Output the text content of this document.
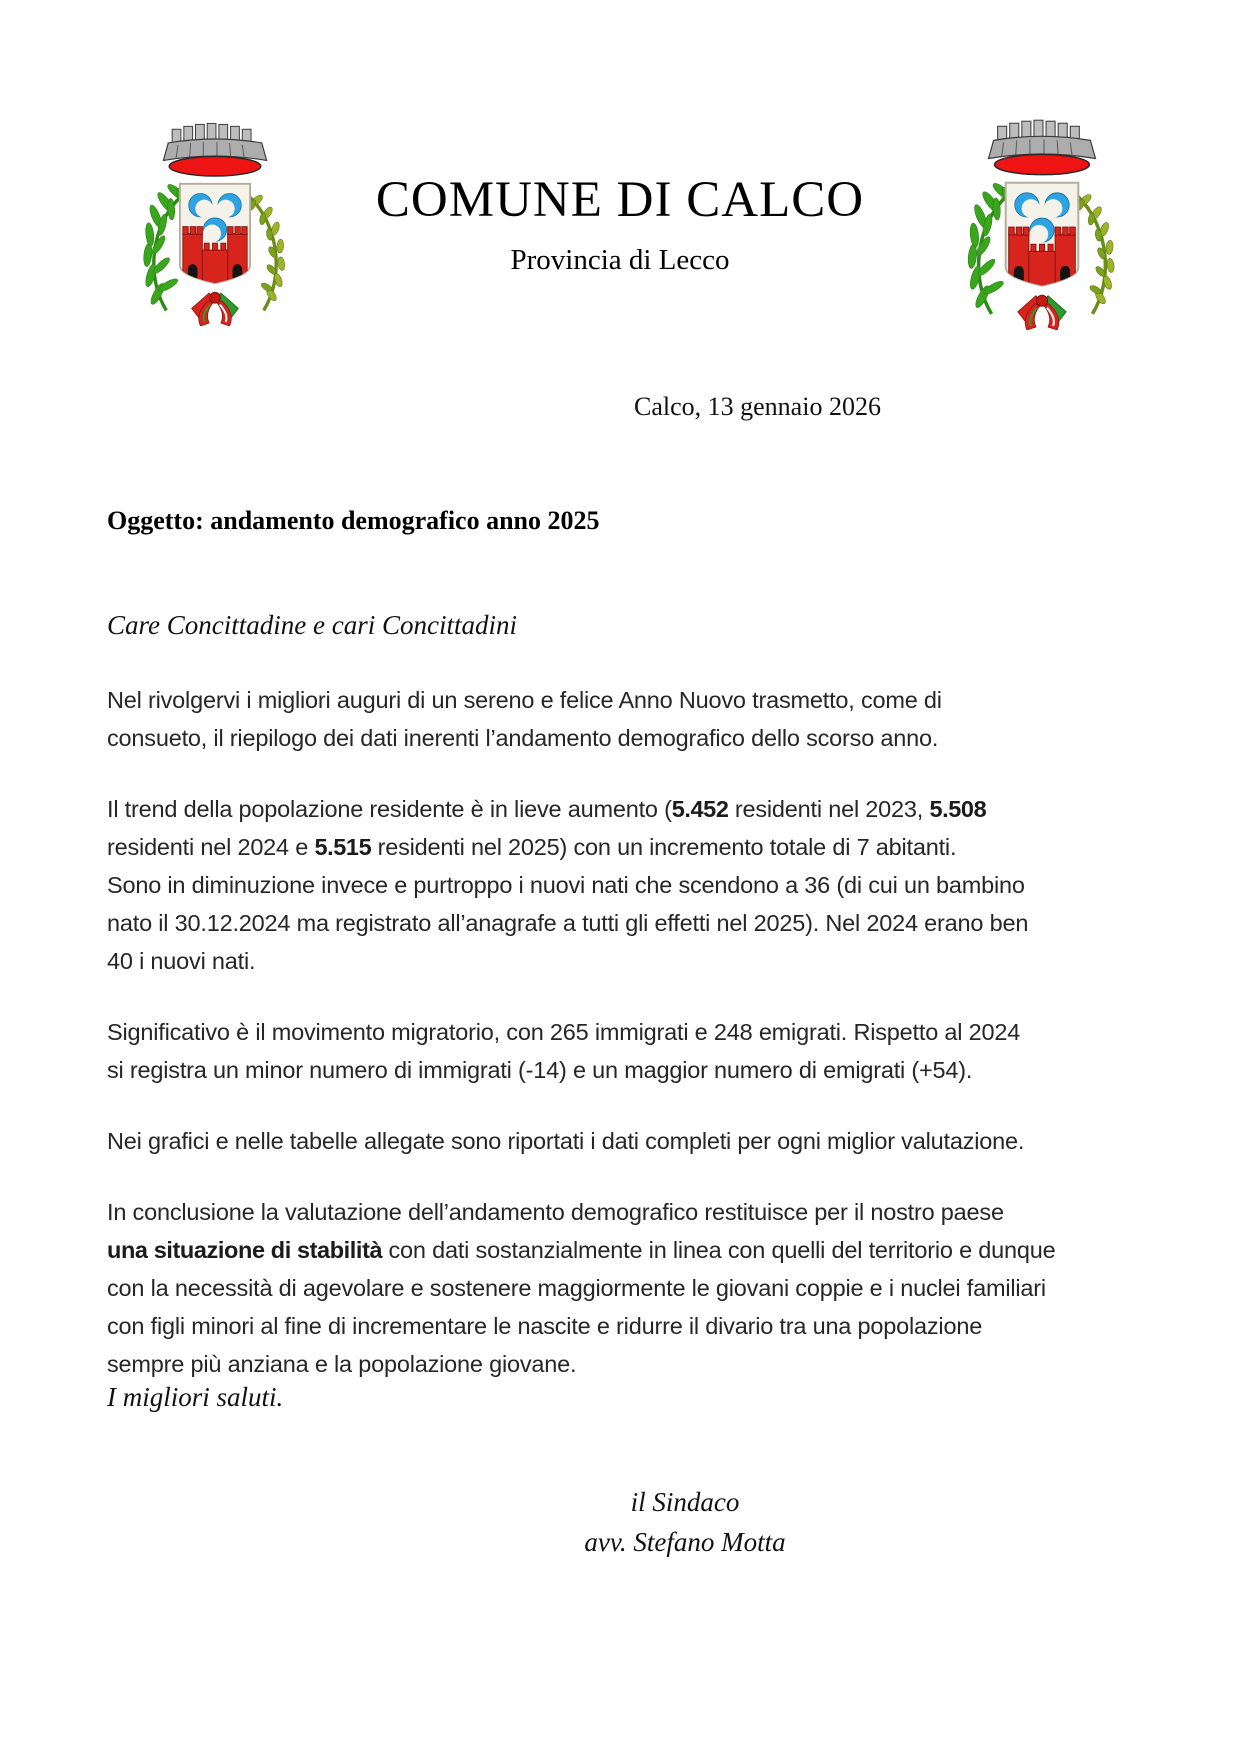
COMUNE DI CALCO
Provincia di Lecco
Calco, 13 gennaio 2026
Oggetto: andamento demografico anno 2025
Care Concittadine e cari Concittadini
Nel rivolgervi i migliori auguri di un sereno e felice Anno Nuovo trasmetto, come di
consueto, il riepilogo dei dati inerenti l’andamento demografico dello scorso anno.
Il trend della popolazione residente è in lieve aumento (5.452 residenti nel 2023, 5.508
residenti nel 2024 e 5.515 residenti nel 2025) con un incremento totale di 7 abitanti.
Sono in diminuzione invece e purtroppo i nuovi nati che scendono a 36 (di cui un bambino
nato il 30.12.2024 ma registrato all’anagrafe a tutti gli effetti nel 2025). Nel 2024 erano ben
40 i nuovi nati.
Significativo è il movimento migratorio, con 265 immigrati e 248 emigrati. Rispetto al 2024
si registra un minor numero di immigrati (-14) e un maggior numero di emigrati (+54).
Nei grafici e nelle tabelle allegate sono riportati i dati completi per ogni miglior valutazione.
In conclusione la valutazione dell’andamento demografico restituisce per il nostro paese
una situazione di stabilità con dati sostanzialmente in linea con quelli del territorio e dunque
con la necessità di agevolare e sostenere maggiormente le giovani coppie e i nuclei familiari
con figli minori al fine di incrementare le nascite e ridurre il divario tra una popolazione
sempre più anziana e la popolazione giovane.
I migliori saluti.
il Sindaco
avv. Stefano Motta
